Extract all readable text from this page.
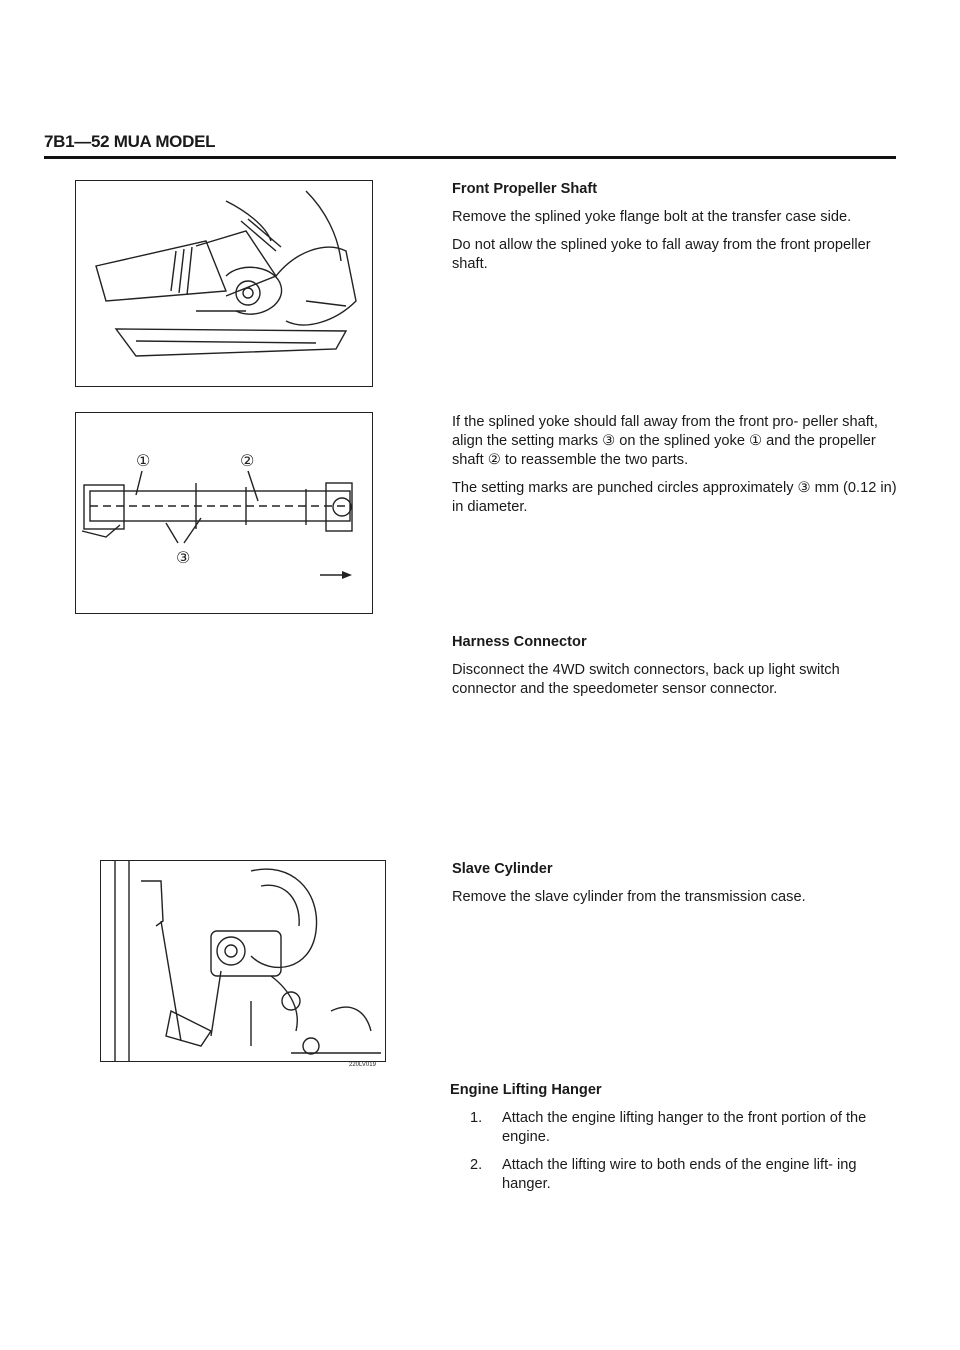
7B1—52 MUA MODEL
①	②
③
220LV019
Front Propeller Shaft

Remove the splined yoke flange bolt at the transfer case side.

Do not allow the splined yoke to fall away from the front propeller shaft.

If the splined yoke should fall away from the front pro- peller shaft, align the setting marks ③ on the splined yoke ① and the propeller shaft ② to reassemble the two parts.

The setting marks are punched circles approximately ③ mm (0.12 in) in diameter.

Harness Connector

Disconnect the 4WD switch connectors, back up light switch connector and the speedometer sensor connector.

Slave Cylinder

Remove the slave cylinder from the transmission case.

Engine Lifting Hanger
1. Attach the engine lifting hanger to the front portion of the engine.
2. Attach the lifting wire to both ends of the engine lift- ing hanger.
